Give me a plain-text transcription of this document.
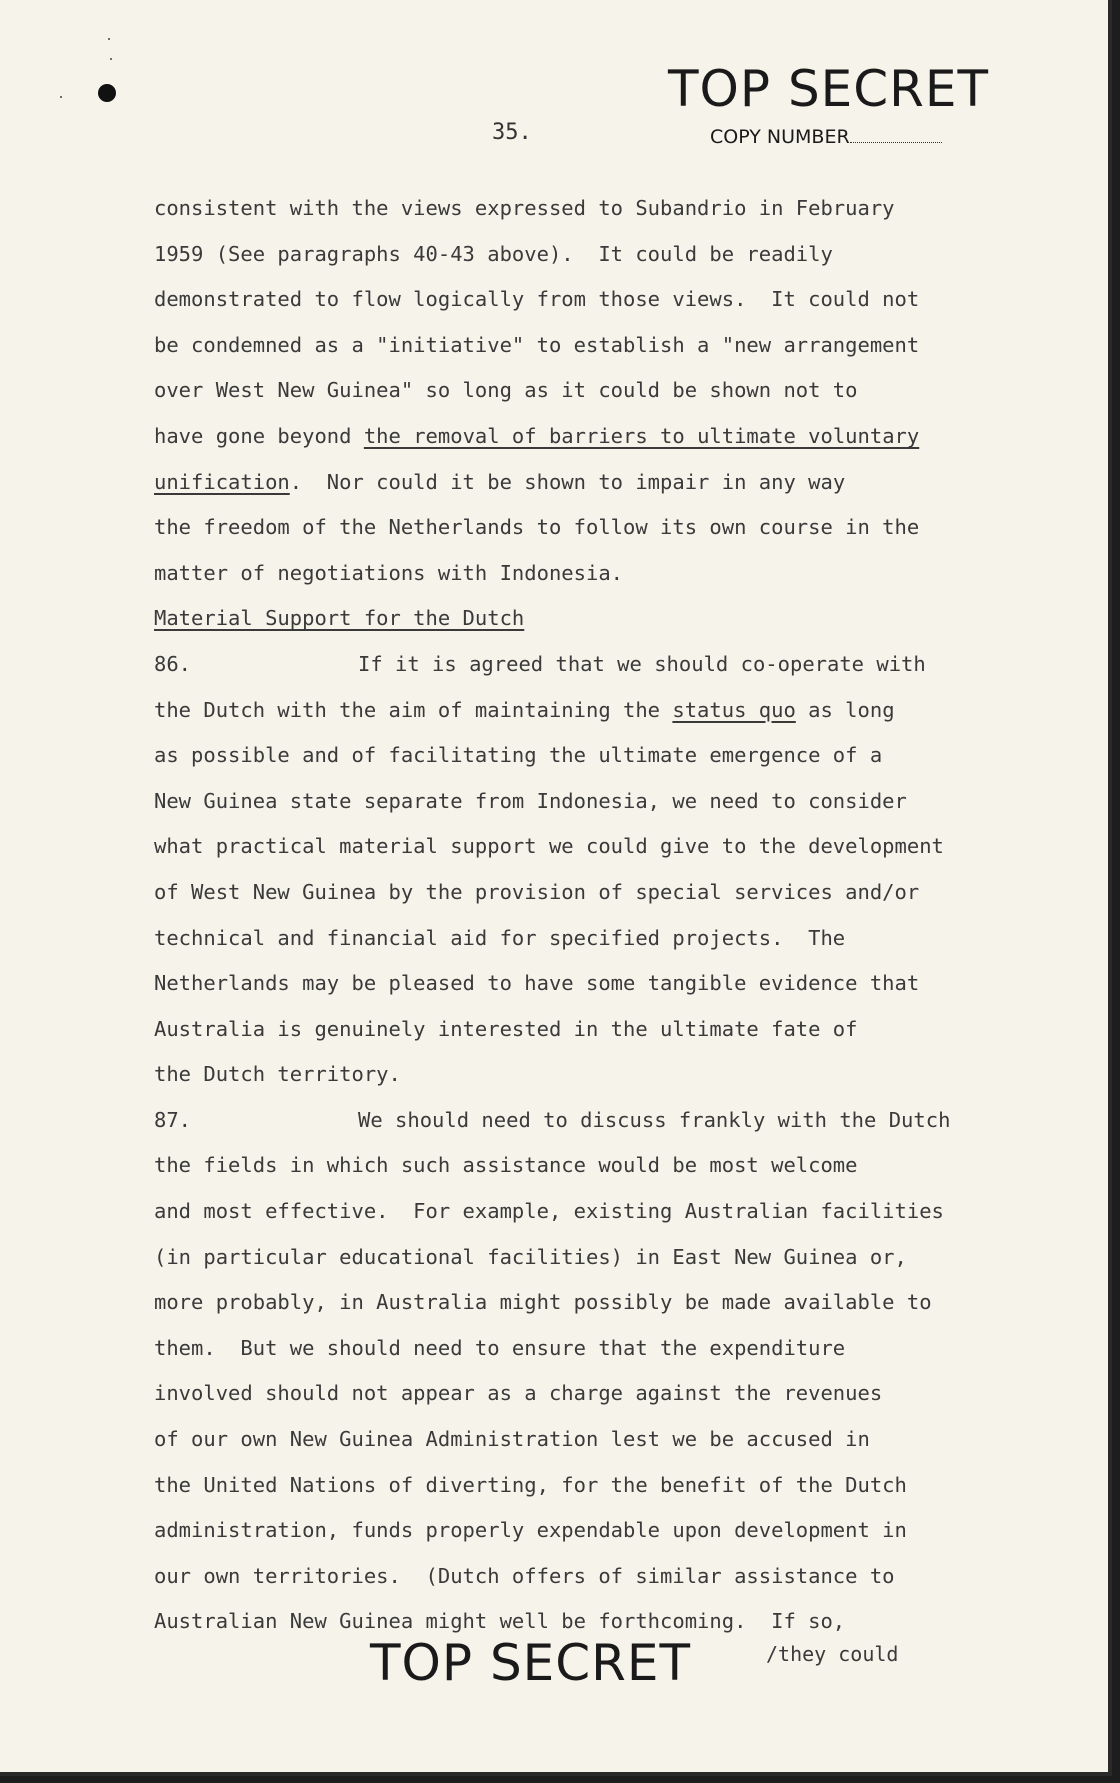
TOP SECRET
35.	COPY NUMBER
consistent with the views expressed to Subandrio in February
1959 (See paragraphs 40-43 above).  It could be readily
demonstrated to flow logically from those views.  It could not
be condemned as a "initiative" to establish a "new arrangement
over West New Guinea" so long as it could be shown not to
have gone beyond the removal of barriers to ultimate voluntary
unification.  Nor could it be shown to impair in any way
the freedom of the Netherlands to follow its own course in the
matter of negotiations with Indonesia.
Material Support for the Dutch
86.	If it is agreed that we should co-operate with
the Dutch with the aim of maintaining the status quo as long
as possible and of facilitating the ultimate emergence of a
New Guinea state separate from Indonesia, we need to consider
what practical material support we could give to the development
of West New Guinea by the provision of special services and/or
technical and financial aid for specified projects.  The
Netherlands may be pleased to have some tangible evidence that
Australia is genuinely interested in the ultimate fate of
the Dutch territory.
87.	We should need to discuss frankly with the Dutch
the fields in which such assistance would be most welcome
and most effective.  For example, existing Australian facilities
(in particular educational facilities) in East New Guinea or,
more probably, in Australia might possibly be made available to
them.  But we should need to ensure that the expenditure
involved should not appear as a charge against the revenues
of our own New Guinea Administration lest we be accused in
the United Nations of diverting, for the benefit of the Dutch
administration, funds properly expendable upon development in
our own territories.  (Dutch offers of similar assistance to
Australian New Guinea might well be forthcoming.  If so,
TOP SECRET	/they could
